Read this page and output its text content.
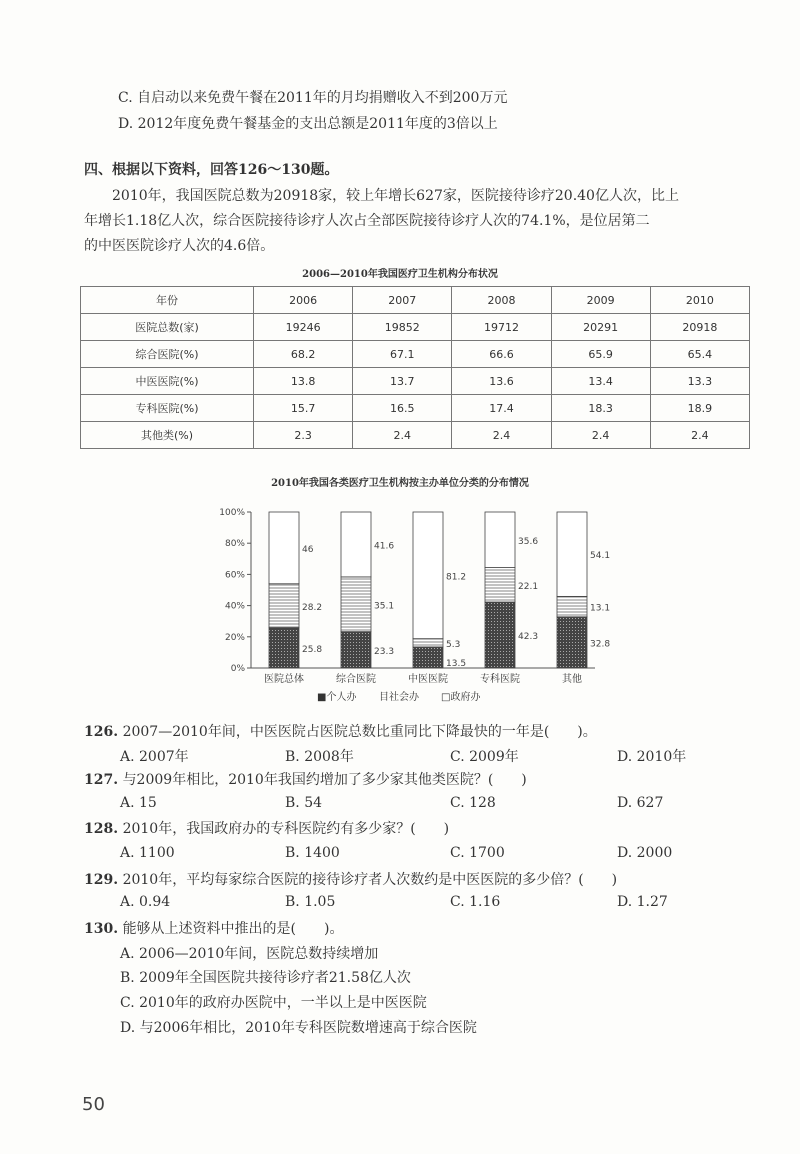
C. 自启动以来免费午餐在2011年的月均捐赠收入不到200万元
D. 2012年度免费午餐基金的支出总额是2011年度的3倍以上
四、根据以下资料，回答126～130题。
2010年，我国医院总数为20918家，较上年增长627家，医院接待诊疗20.40亿人次，比上
年增长1.18亿人次，综合医院接待诊疗人次占全部医院接待诊疗人次的74.1%，是位居第二
的中医医院诊疗人次的4.6倍。
2006—2010年我国医疗卫生机构分布状况
年份	2006	2007	2008	2009	2010
医院总数(家)	19246	19852	19712	20291	20918
综合医院(%)	68.2	67.1	66.6	65.9	65.4
中医医院(%)	13.8	13.7	13.6	13.4	13.3
专科医院(%)	15.7	16.5	17.4	18.3	18.9
其他类(%)	2.3	2.4	2.4	2.4	2.4
2010年我国各类医疗卫生机构按主办单位分类的分布情况
0%
20%
40%
60%
80%
100%
25.8
28.2
46
医院总体
23.3
35.1
41.6
综合医院
13.5
5.3
81.2
中医医院
42.3
22.1
35.6
专科医院
32.8
13.1
54.1
其他
■个人办 目社会办 □政府办
126. 2007—2010年间，中医医院占医院总数比重同比下降最快的一年是(　　)。
A. 2007年	B. 2008年	C. 2009年	D. 2010年
127. 与2009年相比，2010年我国约增加了多少家其他类医院？(　　)
A. 15	B. 54	C. 128	D. 627
128. 2010年，我国政府办的专科医院约有多少家？(　　)
A. 1100	B. 1400	C. 1700	D. 2000
129. 2010年，平均每家综合医院的接待诊疗者人次数约是中医医院的多少倍？(　　)
A. 0.94	B. 1.05	C. 1.16	D. 1.27
130. 能够从上述资料中推出的是(　　)。
A. 2006—2010年间，医院总数持续增加
B. 2009年全国医院共接待诊疗者21.58亿人次
C. 2010年的政府办医院中，一半以上是中医医院
D. 与2006年相比，2010年专科医院数增速高于综合医院
50
